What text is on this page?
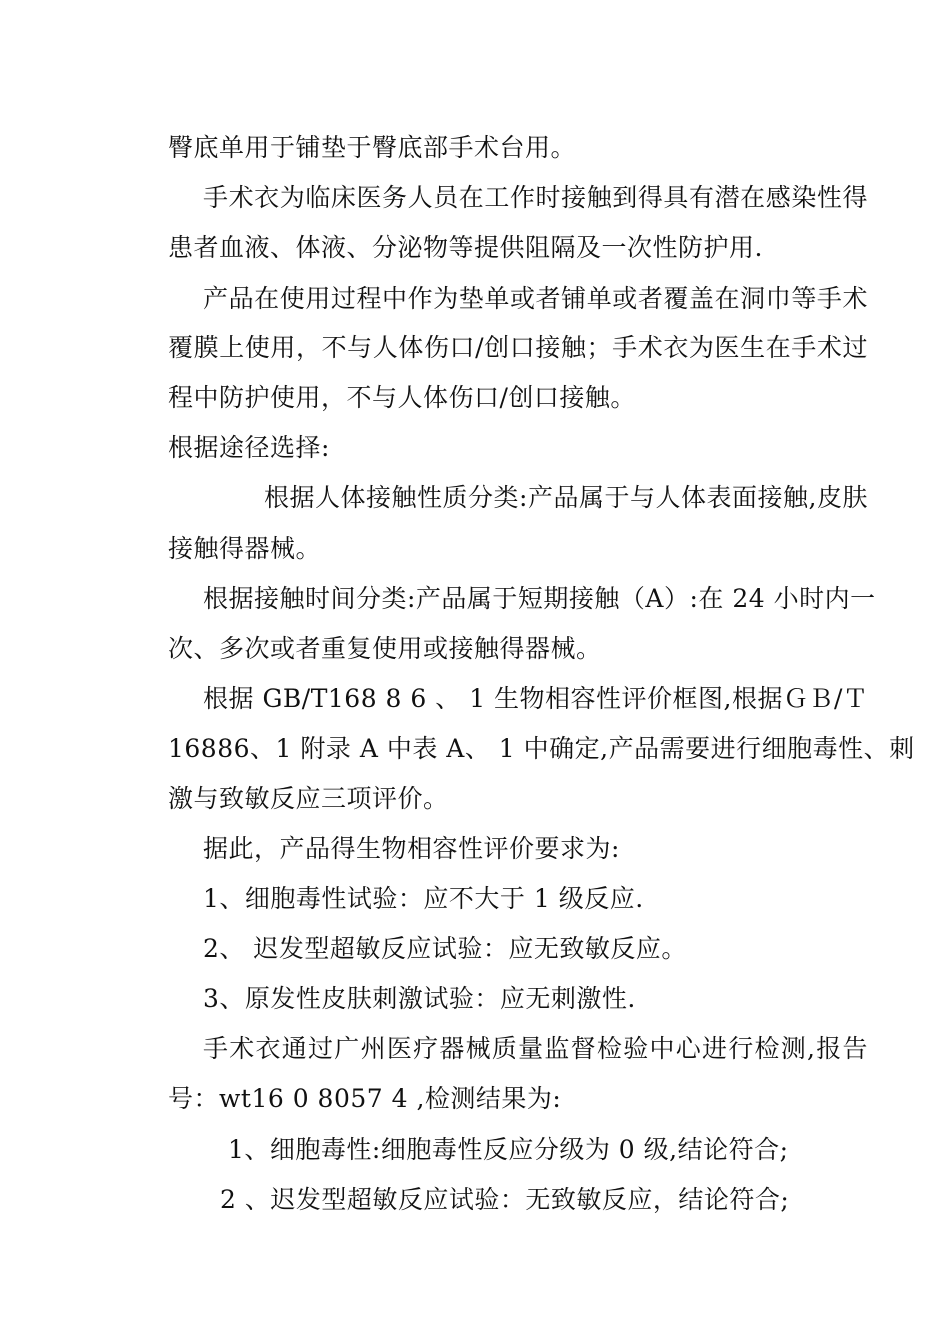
臀底单用于铺垫于臀底部手术台用。
手术衣为临床医务人员在工作时接触到得具有潜在感染性得
患者血液、体液、分泌物等提供阻隔及一次性防护用.
产品在使用过程中作为垫单或者铺单或者覆盖在洞巾等手术
覆膜上使用，不与人体伤口/创口接触；手术衣为医生在手术过
程中防护使用，不与人体伤口/创口接触。
根据途径选择:
根据人体接触性质分类:产品属于与人体表面接触,皮肤
接触得器械。
根据接触时间分类:产品属于短期接触（A）:在 24 小时内一
次、多次或者重复使用或接触得器械。
根据 GB/T168 8 6 、 1 生物相容性评价框图,根据ＧＢ/Ｔ
16886、1 附录 A 中表 A、 1 中确定,产品需要进行细胞毒性、刺
激与致敏反应三项评价。
据此，产品得生物相容性评价要求为:
1、细胞毒性试验：应不大于 1 级反应.
2、 迟发型超敏反应试验：应无致敏反应。
3、原发性皮肤刺激试验：应无刺激性.
手术衣通过广州医疗器械质量监督检验中心进行检测,报告
号：wt16 0 8057 4 ,检测结果为:
1、细胞毒性:细胞毒性反应分级为 0 级,结论符合;
2 、迟发型超敏反应试验：无致敏反应，结论符合;
